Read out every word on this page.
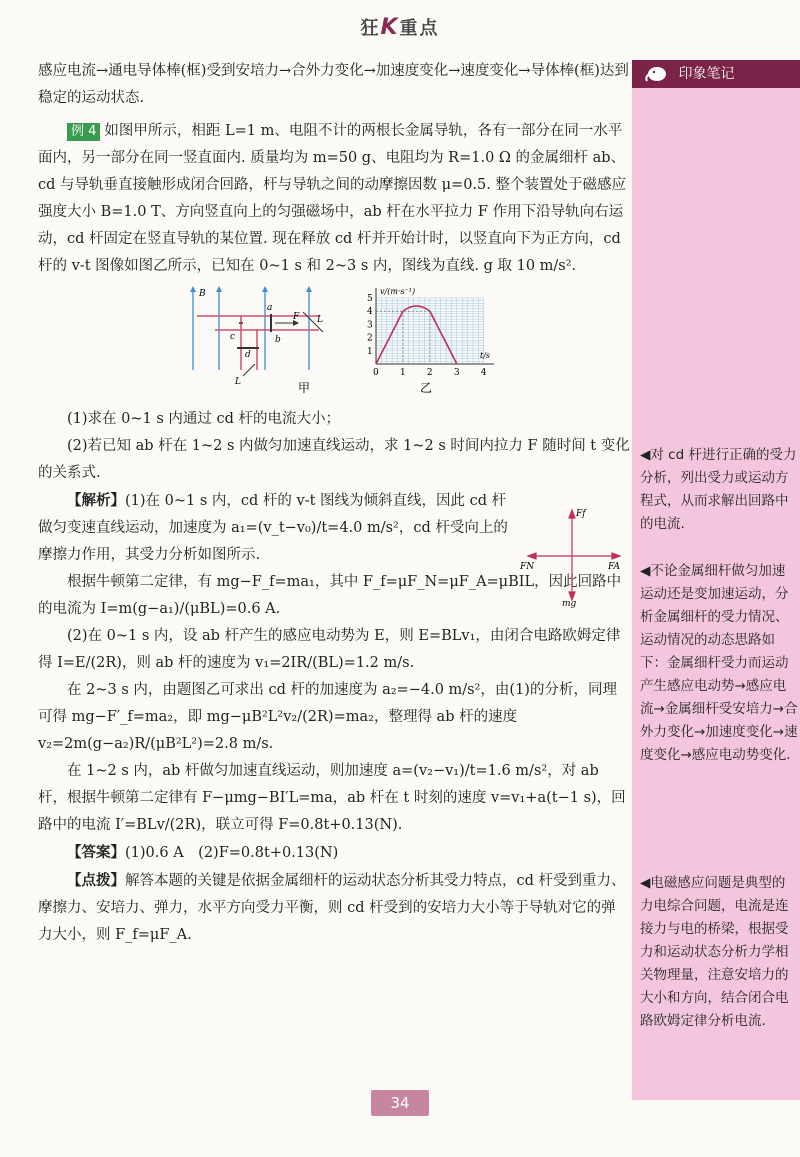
狂K重点
印象笔记

感应电流→通电导体棒(框)受到安培力→合外力变化→加速度变化→速度变化→导体棒(框)达到稳定的运动状态.

例 4 如图甲所示，相距 L=1 m、电阻不计的两根长金属导轨，各有一部分在同一水平面内，另一部分在同一竖直面内. 质量均为 m=50 g、电阻均为 R=1.0 Ω 的金属细杆 ab、cd 与导轨垂直接触形成闭合回路，杆与导轨之间的动摩擦因数 μ=0.5. 整个装置处于磁感应强度大小 B=1.0 T、方向竖直向上的匀强磁场中，ab 杆在水平拉力 F 作用下沿导轨向右运动，cd 杆固定在竖直导轨的某位置. 现在释放 cd 杆并开始计时，以竖直向下为正方向，cd 杆的 v-t 图像如图乙所示，已知在 0~1 s 和 2~3 s 内，图线为直线. g 取 10 m/s².

B
a
F L
b
c
d
L	甲
0 1 2 3 4
1
2
3
4
5
v/(m·s⁻¹)
t/s
乙

(1)求在 0~1 s 内通过 cd 杆的电流大小；

(2)若已知 ab 杆在 1~2 s 内做匀加速直线运动，求 1~2 s 时间内拉力 F 随时间 t 变化的关系式.

【解析】(1)在 0~1 s 内，cd 杆的 v-t 图线为倾斜直线，因此 cd 杆做匀变速直线运动，加速度为 a₁=(v_t−v₀)/t=4.0 m/s²，cd 杆受向上的摩擦力作用，其受力分析如图所示.

根据牛顿第二定律，有 mg−F_f=ma₁，其中 F_f=μF_N=μF_A=μBIL，因此回路中的电流为 I=m(g−a₁)/(μBL)=0.6 A.

(2)在 0~1 s 内，设 ab 杆产生的感应电动势为 E，则 E=BLv₁，由闭合电路欧姆定律得 I=E/(2R)，则 ab 杆的速度为 v₁=2IR/(BL)=1.2 m/s.

在 2~3 s 内，由题图乙可求出 cd 杆的加速度为 a₂=−4.0 m/s²，由(1)的分析，同理可得 mg−F′_f=ma₂，即 mg−μB²L²v₂/(2R)=ma₂，整理得 ab 杆的速度 v₂=2m(g−a₂)R/(μB²L²)=2.8 m/s.

在 1~2 s 内，ab 杆做匀加速直线运动，则加速度 a=(v₂−v₁)/t=1.6 m/s²，对 ab 杆，根据牛顿第二定律有 F−μmg−BI′L=ma，ab 杆在 t 时刻的速度 v=v₁+a(t−1 s)，回路中的电流 I′=BLv/(2R)，联立可得 F=0.8t+0.13(N).

【答案】(1)0.6 A　(2)F=0.8t+0.13(N)

【点拨】解答本题的关键是依据金属细杆的运动状态分析其受力特点，cd 杆受到重力、摩擦力、安培力、弹力，水平方向受力平衡，则 cd 杆受到的安培力大小等于导轨对它的弹力大小，则 F_f=μF_A.

Ff
FN	FA
mg
◀对 cd 杆进行正确的受力分析，列出受力或运动方程式，从而求解出回路中的电流.
◀不论金属细杆做匀加速运动还是变加速运动，分析金属细杆的受力情况、运动情况的动态思路如下：金属细杆受力而运动产生感应电动势→感应电流→金属细杆受安培力→合外力变化→加速度变化→速度变化→感应电动势变化.
◀电磁感应问题是典型的力电综合问题，电流是连接力与电的桥梁，根据受力和运动状态分析力学相关物理量，注意安培力的大小和方向，结合闭合电路欧姆定律分析电流.
34
